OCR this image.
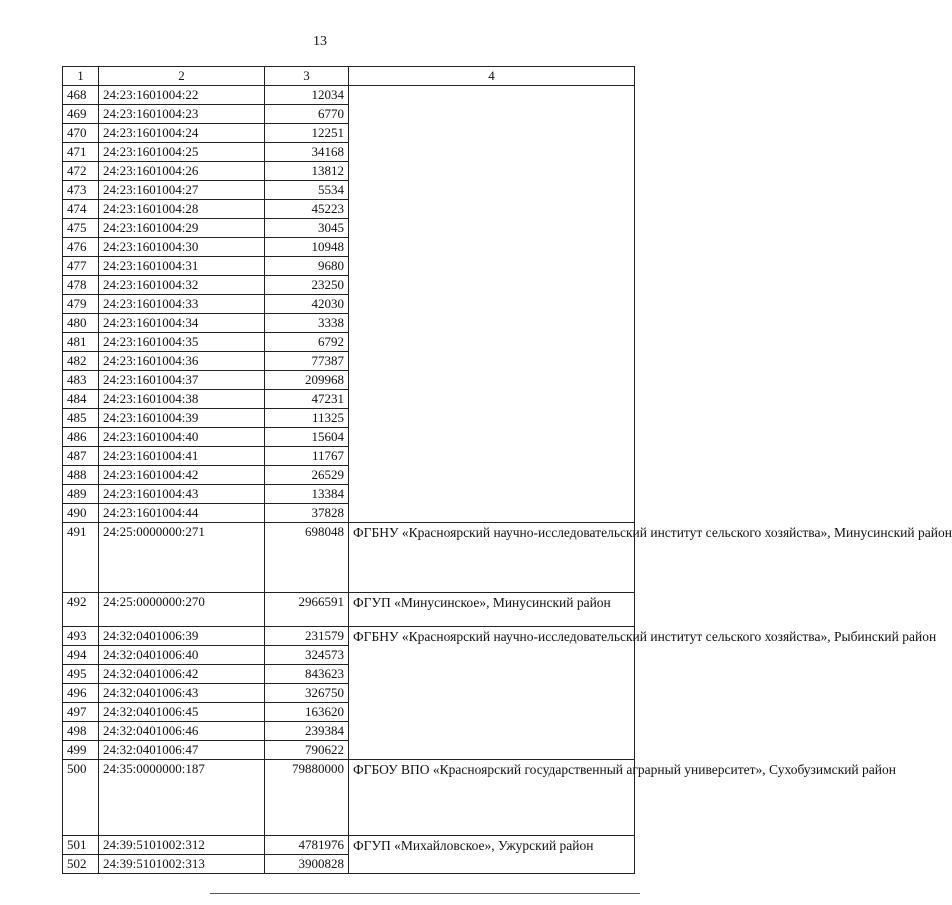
13
1	2	3	4
468	24:23:1601004:22	12034	
469	24:23:1601004:23	6770	
470	24:23:1601004:24	12251	
471	24:23:1601004:25	34168	
472	24:23:1601004:26	13812	
473	24:23:1601004:27	5534	
474	24:23:1601004:28	45223	
475	24:23:1601004:29	3045	
476	24:23:1601004:30	10948	
477	24:23:1601004:31	9680	
478	24:23:1601004:32	23250	
479	24:23:1601004:33	42030	
480	24:23:1601004:34	3338	
481	24:23:1601004:35	6792	
482	24:23:1601004:36	77387	
483	24:23:1601004:37	209968	
484	24:23:1601004:38	47231	
485	24:23:1601004:39	11325	
486	24:23:1601004:40	15604	
487	24:23:1601004:41	11767	
488	24:23:1601004:42	26529	
489	24:23:1601004:43	13384	
490	24:23:1601004:44	37828	
491	24:25:0000000:271	698048	ФГБНУ «Красноярский научно-исследовательский институт сельского хозяйства», Минусинский район
492	24:25:0000000:270	2966591	ФГУП «Минусинское», Минусинский район
493	24:32:0401006:39	231579	ФГБНУ «Красноярский научно-исследовательский институт сельского хозяйства», Рыбинский район
494	24:32:0401006:40	324573	
495	24:32:0401006:42	843623	
496	24:32:0401006:43	326750	
497	24:32:0401006:45	163620	
498	24:32:0401006:46	239384	
499	24:32:0401006:47	790622	
500	24:35:0000000:187	79880000	ФГБОУ ВПО «Красноярский государственный аграрный университет», Сухобузимский район
501	24:39:5101002:312	4781976	ФГУП «Михайловское», Ужурский район
502	24:39:5101002:313	3900828	
